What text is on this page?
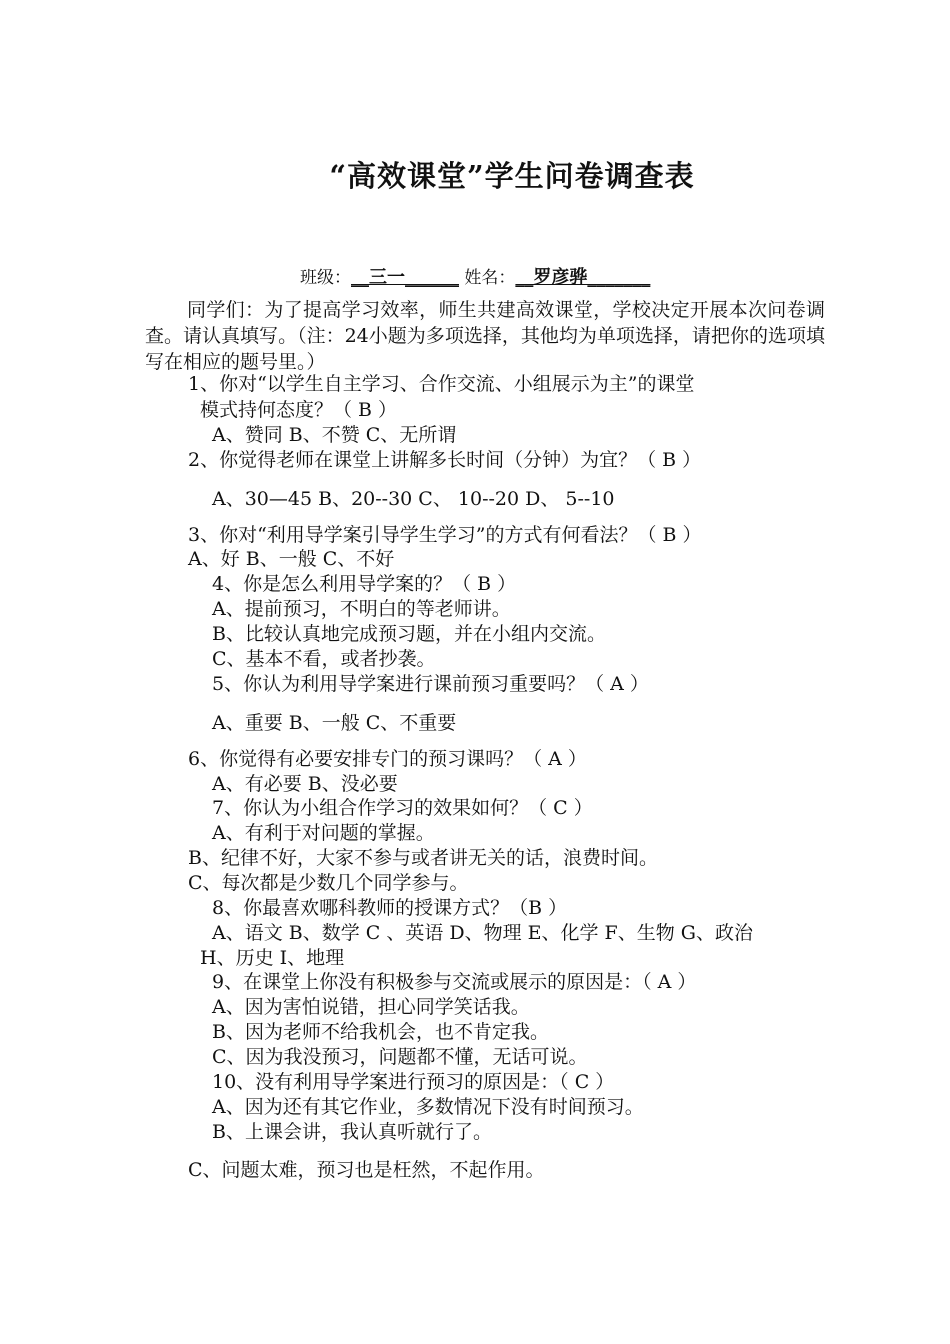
“高效课堂”学生问卷调查表
班级：__三一______ 姓名：__罗彦骅_______
同学们：为了提高学习效率，师生共建高效课堂，学校决定开展本次问卷调查。请认真填写。（注：24小题为多项选择，其他均为单项选择，请把你的选项填写在相应的题号里。）
1、你对“以学生自主学习、合作交流、小组展示为主”的课堂
模式持何态度？（ B ）
A、赞同 B、不赞 C、无所谓
2、你觉得老师在课堂上讲解多长时间（分钟）为宜？（ B ）
A、30—45 B、20--30 C、 10--20 D、 5--10
3、你对“利用导学案引导学生学习”的方式有何看法？（ B ）
A、好 B、一般 C、不好
4、你是怎么利用导学案的？（ B ）
A、提前预习，不明白的等老师讲。
B、比较认真地完成预习题，并在小组内交流。
C、基本不看，或者抄袭。
5、你认为利用导学案进行课前预习重要吗？（ A ）
A、重要 B、一般 C、不重要
6、你觉得有必要安排专门的预习课吗？（ A ）
A、有必要 B、没必要
7、你认为小组合作学习的效果如何？（ C ）
A、有利于对问题的掌握。
B、纪律不好，大家不参与或者讲无关的话，浪费时间。
C、每次都是少数几个同学参与。
8、你最喜欢哪科教师的授课方式？（B ）
A、语文 B、数学 C 、英语 D、物理 E、化学 F、生物 G、政治
H、历史 I、地理
9、在课堂上你没有积极参与交流或展示的原因是：（ A ）
A、因为害怕说错，担心同学笑话我。
B、因为老师不给我机会，也不肯定我。
C、因为我没预习，问题都不懂，无话可说。
10、没有利用导学案进行预习的原因是：（ C ）
A、因为还有其它作业，多数情况下没有时间预习。
B、上课会讲，我认真听就行了。
C、问题太难，预习也是枉然，不起作用。
